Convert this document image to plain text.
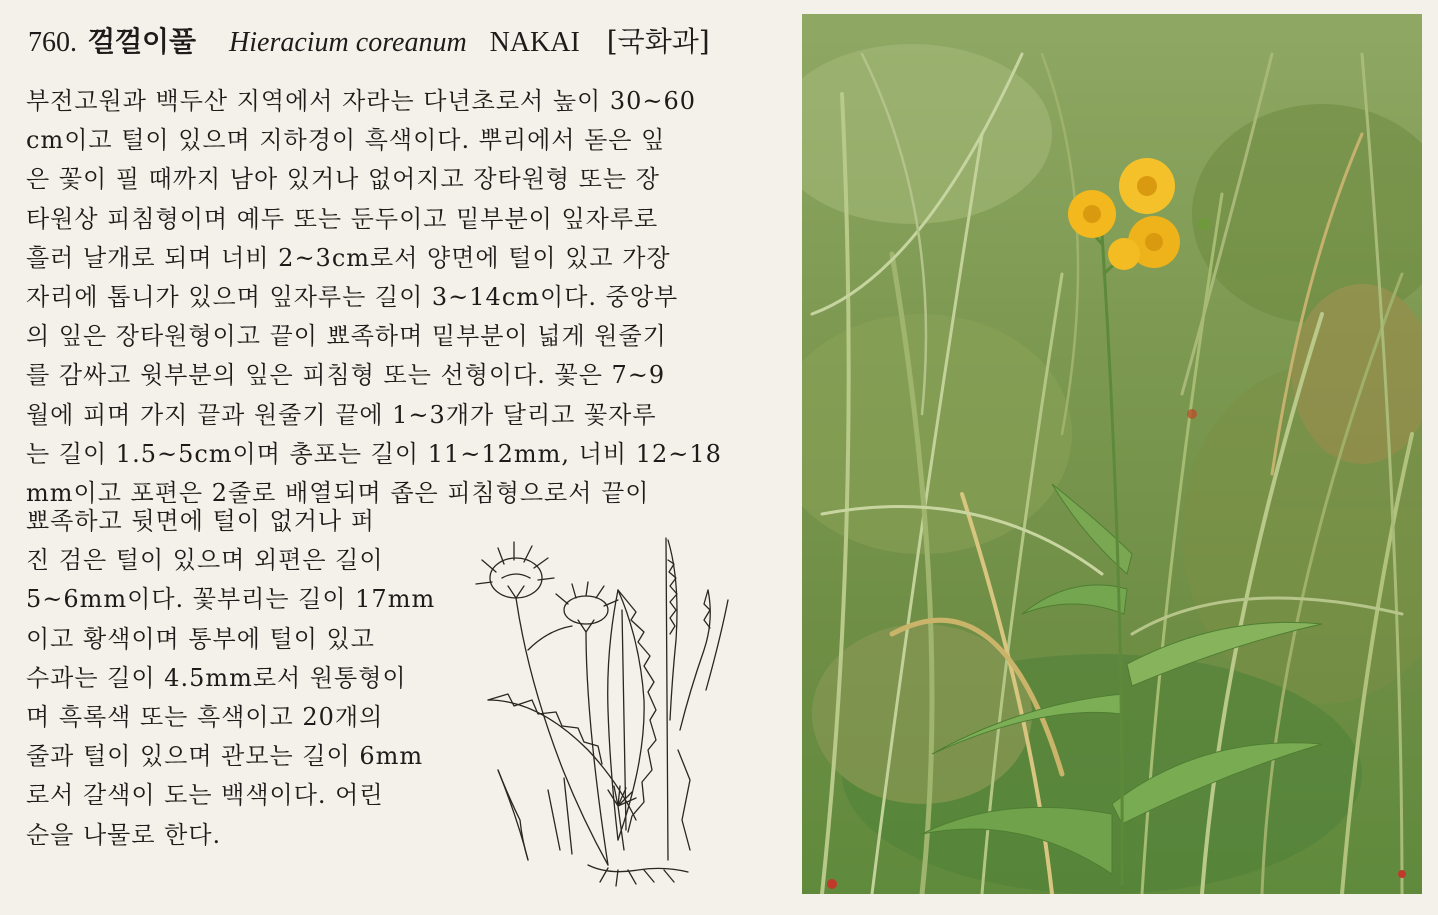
760. 껄껄이풀 Hieracium coreanum NAKAI [국화과]
부전고원과 백두산 지역에서 자라는 다년초로서 높이 30~60
cm이고 털이 있으며 지하경이 흑색이다. 뿌리에서 돋은 잎
은 꽃이 필 때까지 남아 있거나 없어지고 장타원형 또는 장
타원상 피침형이며 예두 또는 둔두이고 밑부분이 잎자루로
흘러 날개로 되며 너비 2~3cm로서 양면에 털이 있고 가장
자리에 톱니가 있으며 잎자루는 길이 3~14cm이다. 중앙부
의 잎은 장타원형이고 끝이 뾰족하며 밑부분이 넓게 원줄기
를 감싸고 윗부분의 잎은 피침형 또는 선형이다. 꽃은 7~9
월에 피며 가지 끝과 원줄기 끝에 1~3개가 달리고 꽃자루
는 길이 1.5~5cm이며 총포는 길이 11~12mm, 너비 12~18
mm이고 포편은 2줄로 배열되며 좁은 피침형으로서 끝이
뾰족하고 뒷면에 털이 없거나 퍼
진 검은 털이 있으며 외편은 길이
5~6mm이다. 꽃부리는 길이 17mm
이고 황색이며 통부에 털이 있고
수과는 길이 4.5mm로서 원통형이
며 흑록색 또는 흑색이고 20개의
줄과 털이 있으며 관모는 길이 6mm
로서 갈색이 도는 백색이다. 어린
순을 나물로 한다.
